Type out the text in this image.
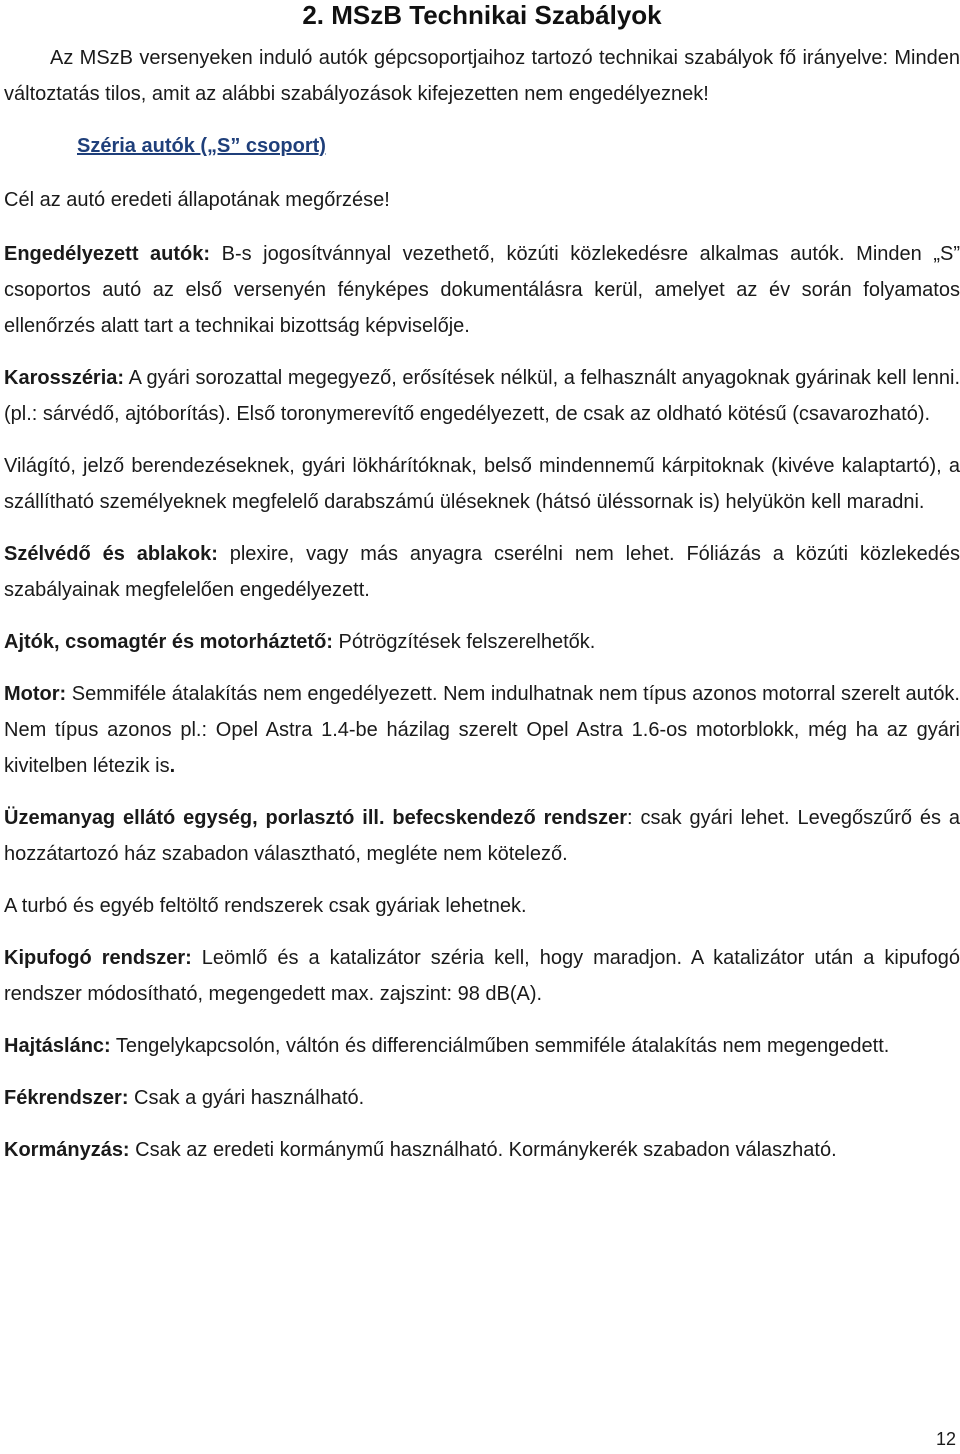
2. MSzB Technikai Szabályok

Az MSzB versenyeken induló autók gépcsoportjaihoz tartozó technikai szabályok fő irányelve: Minden változtatás tilos, amit az alábbi szabályozások kifejezetten nem engedélyeznek!

Széria autók („S” csoport)

Cél az autó eredeti állapotának megőrzése!

Engedélyezett autók: B-s jogosítvánnyal vezethető, közúti közlekedésre alkalmas autók. Minden „S” csoportos autó az első versenyén fényképes dokumentálásra kerül, amelyet az év során folyamatos ellenőrzés alatt tart a technikai bizottság képviselője.

Karosszéria: A gyári sorozattal megegyező, erősítések nélkül, a felhasznált anyagoknak gyárinak kell lenni.(pl.: sárvédő, ajtóborítás). Első toronymerevítő engedélyezett, de csak az oldható kötésű (csavarozható).

Világító, jelző berendezéseknek, gyári lökhárítóknak, belső mindennemű kárpitoknak (kivéve kalaptartó), a szállítható személyeknek megfelelő darabszámú üléseknek (hátsó üléssornak is) helyükön kell maradni.

Szélvédő és ablakok: plexire, vagy más anyagra cserélni nem lehet. Fóliázás a közúti közlekedés szabályainak megfelelően engedélyezett.

Ajtók, csomagtér és motorháztető: Pótrögzítések felszerelhetők.

Motor: Semmiféle átalakítás nem engedélyezett. Nem indulhatnak nem típus azonos motorral szerelt autók. Nem típus azonos pl.: Opel Astra 1.4-be házilag szerelt Opel Astra 1.6-os motorblokk, még ha az gyári kivitelben létezik is.

Üzemanyag ellátó egység, porlasztó ill. befecskendező rendszer: csak gyári lehet. Levegőszűrő és a hozzátartozó ház szabadon választható, megléte nem kötelező.

A turbó és egyéb feltöltő rendszerek csak gyáriak lehetnek.

Kipufogó rendszer: Leömlő és a katalizátor széria kell, hogy maradjon. A katalizátor után a kipufogó rendszer módosítható, megengedett max. zajszint: 98 dB(A).

Hajtáslánc: Tengelykapcsolón, váltón és differenciálműben semmiféle átalakítás nem megengedett.

Fékrendszer: Csak a gyári használható.

Kormányzás: Csak az eredeti kormánymű használható. Kormánykerék szabadon válaszható.

12
